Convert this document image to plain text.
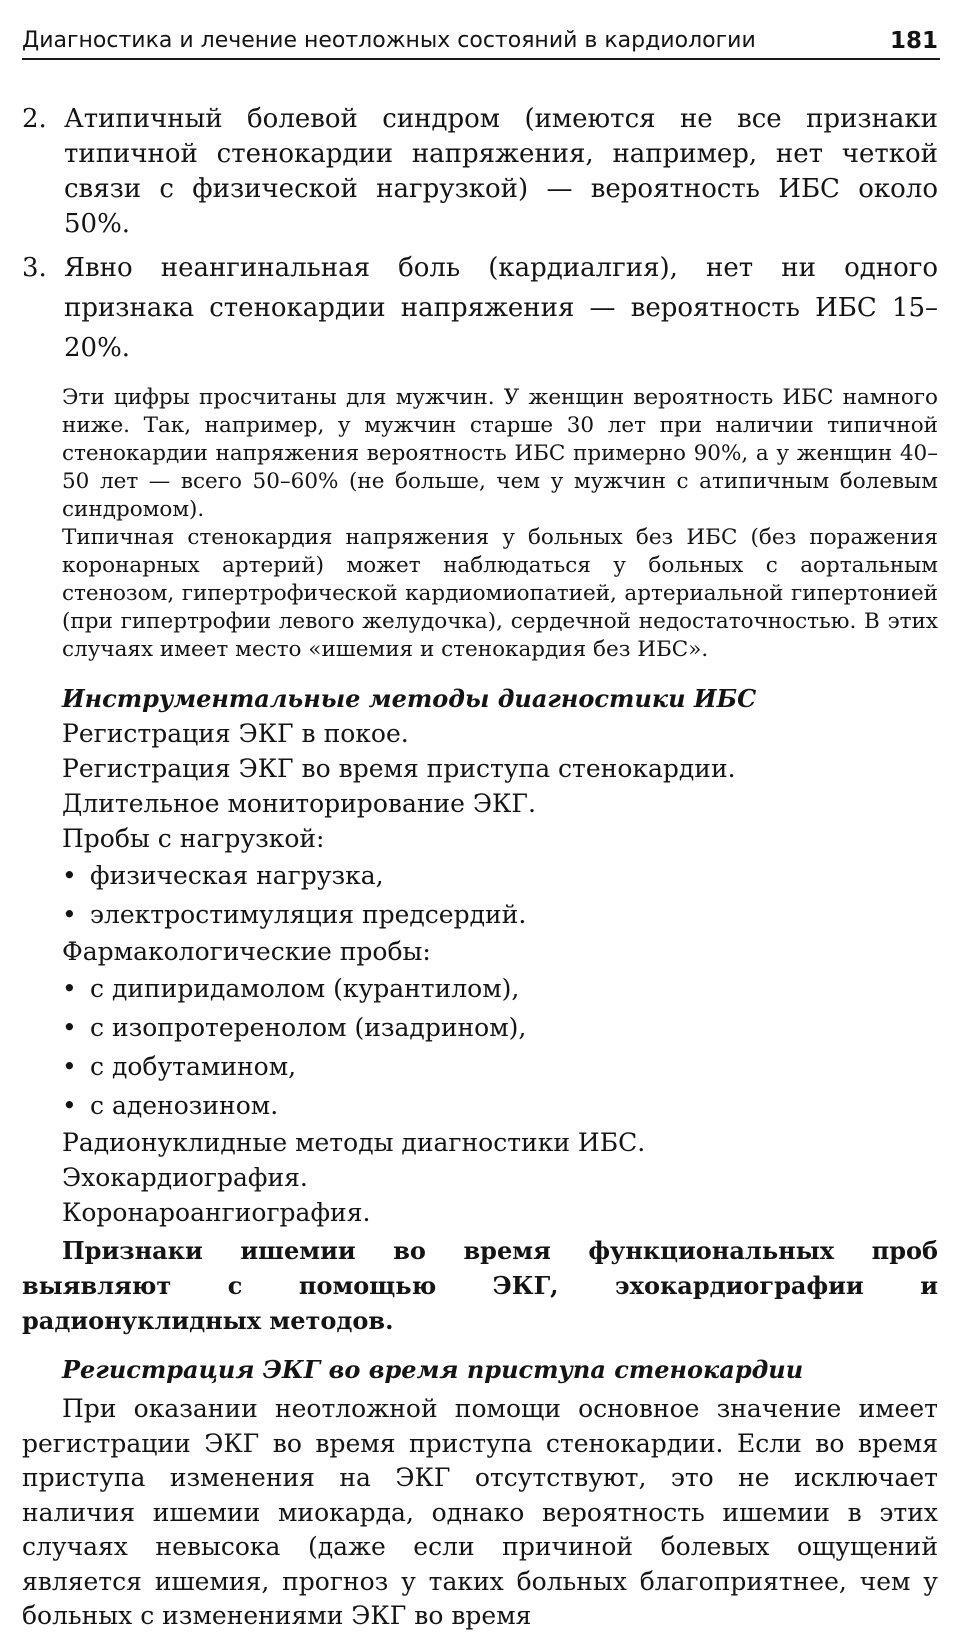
Диагностика и лечение неотложных состояний в кардиологии	181
2. Атипичный болевой синдром (имеются не все признаки типичной стенокардии напряжения, например, нет четкой связи с физической нагрузкой) — вероятность ИБС около 50%.
3. Явно неангинальная боль (кардиалгия), нет ни одного признака стенокардии напряжения — вероятность ИБС 15–20%.

Эти цифры просчитаны для мужчин. У женщин вероятность ИБС намного ниже. Так, например, у мужчин старше 30 лет при наличии типичной стенокардии напряжения вероятность ИБС примерно 90%, а у женщин 40–50 лет — всего 50–60% (не больше, чем у мужчин с атипичным болевым синдромом).

Типичная стенокардия напряжения у больных без ИБС (без поражения коронарных артерий) может наблюдаться у больных с аортальным стенозом, гипертрофической кардиомиопатией, артериальной гипертонией (при гипертрофии левого желудочка), сердечной недостаточностью. В этих случаях имеет место «ишемия и стенокардия без ИБС».

Инструментальные методы диагностики ИБС
Регистрация ЭКГ в покое.
Регистрация ЭКГ во время приступа стенокардии.
Длительное мониторирование ЭКГ.
Пробы с нагрузкой:
• физическая нагрузка,
• электростимуляция предсердий.
Фармакологические пробы:
• с дипиридамолом (курантилом),
• с изопротеренолом (изадрином),
• с добутамином,
• с аденозином.
Радионуклидные методы диагностики ИБС.
Эхокардиография.
Коронароангиография.

Признаки ишемии во время функциональных проб выявляют с помощью ЭКГ, эхокардиографии и радионуклидных методов.

Регистрация ЭКГ во время приступа стенокардии

При оказании неотложной помощи основное значение имеет регистрации ЭКГ во время приступа стенокардии. Если во время приступа изменения на ЭКГ отсутствуют, это не исключает наличия ишемии миокарда, однако вероятность ишемии в этих случаях невысока (даже если причиной болевых ощущений является ишемия, прогноз у таких больных благоприятнее, чем у больных с изменениями ЭКГ во время
